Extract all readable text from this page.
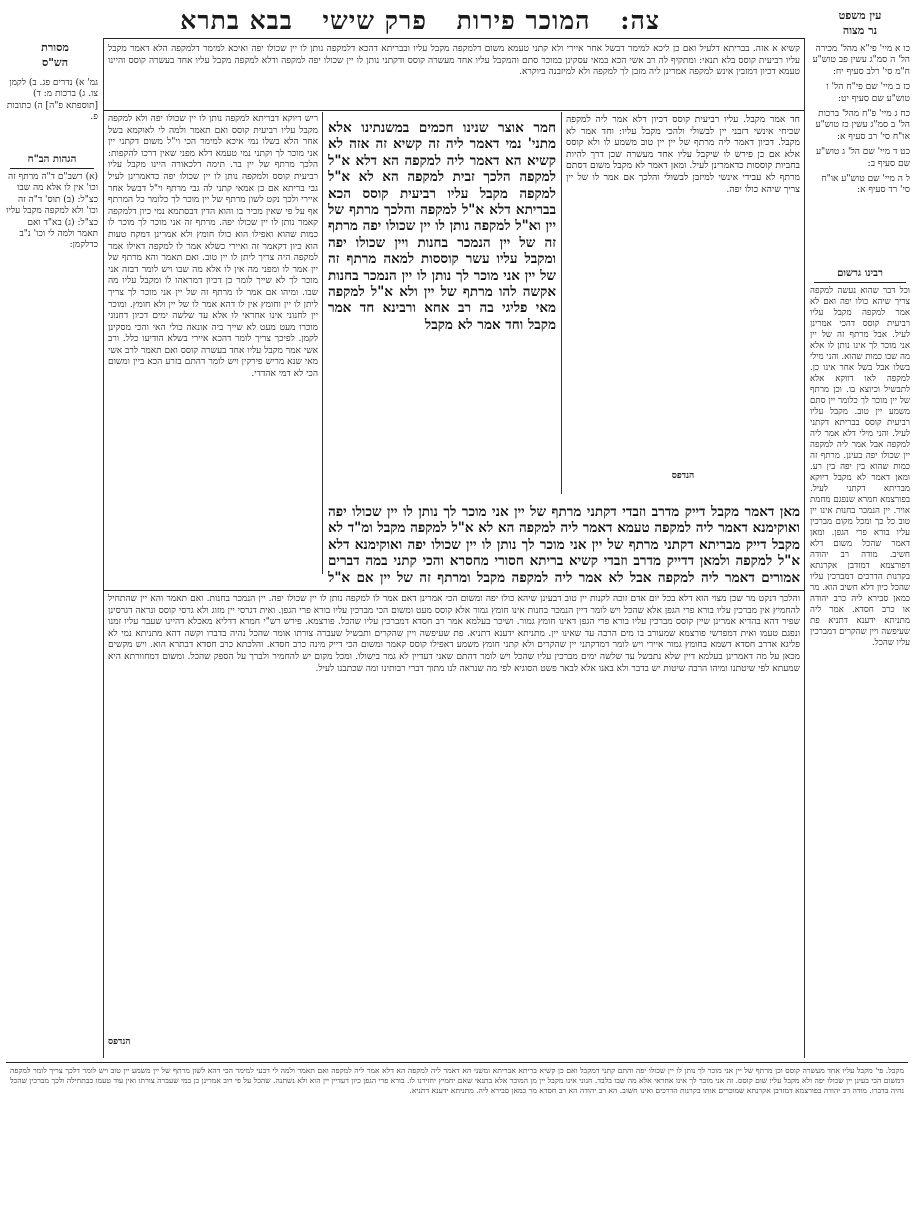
עין משפט
נר מצוה
צה: המוכר פירות פרק שישי בבא בתרא
מסורת
הש"ס
קשיא א אזה. בבריתא דלעיל ואם כן ליכא למימר דבשל אחר איירי ולא קתני טעמא משום דלמקפה מקבל עליו ובבריתא דהכא דלמקפה נותן לו יין שכולו יפה ואיכא למימר דלמקפה הלא דאמר מקבל עליו רביעית קוסס בלא תנאי: ומתקיף לה רב אשי הכא במאי עסקינן במוכר סתם והמקבל עליו אחד מעשרה קוסס ודקתני נותן לו יין שכולו יפה למקפה ודלא למקפה מקבל עליו אחד בעשרה קוסס והיינו טעמא דכיון דמזבין אינש למקפה אמרינן ליה מזבן לך למקפה ולא למיזבנה ביוקרא.
ריש דיוקא דבריתא למקפה נותן לו יין שכולו יפה ולא למקפה מקבל עליו רביעית קוסס ואם תאמר ולמה לי לאוקמא בשל אחר הלא בשלו נמי איכא למימר הכי וי"ל משום דקתני יין אני מוכר לך וקתני נמי טעמא דלא מפני שאין דרכו להקפות: הלכך מרתף של יין בר. תימה דלכאורה היינו מקבל עליו רביעית קוסס ולמקפה נותן לו יין שכולו יפה כדאמרינן לעיל גבי בריתא אם כן אמאי קתני לה גבי מרתף וי"ל דבשל אחר איירי ולכך נקט לשון מרתף של יין מוכר לך כלומר כל המרתף אף על פי שאין מכיר בו והוא הדין דבסתמא נמי כיון דלמקפה קאמר נותן לו יין שכולו יפה. מרתף זה אני מוכר לך מוכר לו כמות שהוא ואפילו הוא כולו חומץ ולא אמרינן דמקח טעות הוא כיון דקאמר זה ואיירי כשלא אמר לו למקפה דאילו אמר למקפה היה צריך ליתן לו יין טוב. ואם תאמר והא מרתף של יין אמר לו ומפני מה אין לו אלא מה שבו ויש לומר דבזה אני מוכר לך לא שייך לומר כן דכיון דמראהו לו ומקבל עליו מה שבו. ומיהו אם אמר לו מרתף זה של יין אני מוכר לך צריך ליתן לו יין וחומץ אין לו דהא אמר לו של יין ולא חומץ. ומוכר יין לחנוני אינו אחראי לו אלא עד שלשה ימים דכיון דחנוני מוכרו מעט מעט לא שייך ביה אונאה כולי האי והכי מסקינן לקמן. לפיכך צריך לומר דהכא איירי בשלא הודיעו כלל. ורב אשי אמר מקבל עליו אחד בעשרה קוסס ואם תאמר לרב אשי מאי שנא מריש פירקין ויש לומר דהתם בזרע הכא ביין ומשום הכי לא דמי אהדדי.
חמר אוצר שנינו חכמים במשנתינו אלא מתני' נמי דאמר ליה זה קשיא זה אזה לא קשיא הא דאמר ליה למקפה הא דלא א"ל למקפה הלכך זבית למקפה הא לא א"ל למקפה מקבל עליו רביעית קוסס הכא בבריתא דלא א"ל למקפה והלכך מרתף של יין וא"ל למקפה נותן לו יין שכולו יפה מרתף זה של יין הנמכר בחנות ויין שכולו יפה ומקבל עליו עשר קוססות למאה מרתף זה של יין אני מוכר לך נותן לו יין הנמכר בחנות אקשה להו מרתף של יין ולא א"ל למקפה מאי פליגי בה רב אחא ורבינא חד אמר מקבל וחד אמר לא מקבל
חד אמר מקבל. עליו רביעית קוסס דכיון דלא אמר ליה למקפה שכיחי אינשי דזבני יין לבשולי ולהכי מקבל עליו: וחד אמר לא מקבל. דכיון דאמר ליה מרתף של יין יין טוב משמע לו ולא קוסס אלא אם כן פירש לו שיקבל עליו אחד מעשרה שכן דרך להיות בחביות קוססות כדאמרינן לעיל. ומאן דאמר לא מקבל משום דסתם מרתף לא עבידי אינשי למיזבן לבשולי והלכך אם אמר לו של יין צריך שיהא כולו יפה.
הנדפס
מאן דאמר מקבל דייק מדרב וזבדי דקתני מרתף של יין אני מוכר לך נותן לו יין שכולו יפה ואוקימנא דאמר ליה למקפה טעמא דאמר ליה למקפה הא לא א"ל למקפה מקבל ומ"ד לא מקבל דייק מבריתא דקתני מרתף של יין אני מוכר לך נותן לו יין שכולו יפה ואוקימנא דלא א"ל למקפה ולמאן דדייק מדרב וזבדי קשיא בריתא חסורי מחסרא והכי קתני במה דברים אמורים דאמר ליה למקפה אבל לא אמר ליה למקפה מקבל ומרתף זה של יין אם א"ל
והלכך דנקט מר שכן מצוי הוא דלא בכל יום אדם זוכה לקנות יין טוב דבעינן שיהא כולו יפה ומשום הכי אמרינן דאם אמר לו למקפה נותן לו יין שכולו יפה. יין הנמכר בחנות. ואם תאמר והא יין שהתחיל להחמיץ אין מברכין עליו בורא פרי הגפן אלא שהכל ויש לומר דיין הנמכר בחנות אינו חומץ גמור אלא קוסס מעט ומשום הכי מברכין עליו בורא פרי הגפן. ואית דגרסי יין מזוג ולא גרסי קוסס ונראה דגרסינן שפיר דהא בהדיא אמרינן שיין קוסס מברכין עליו בורא פרי הגפן דאינו חומץ גמור. ושיכר בעלמא אמר רב חסדא דמברכין עליו שהכל. פורצמא. פירש רש"י חמרא דדליא מאכלא דהיינו שעבר עליו זמנו ונפגם טעמו ואית דמפרשי פורצמא שמעורב בו מים הרבה עד שאינו יין. מתניתא ידענא דתניא. פת שעיפשה ויין שהקרים ותבשיל שעברה צורתו אומר שהכל נהיה בדברו וקשה דהא מתניתא נמי לא פליגא אדרב חסדא דשמא בחומץ גמור איירי ויש לומר דמדקתני יין שהקרים ולא קתני חומץ משמע דאפילו קוסס קאמר ומשום הכי דייק מינה כרב חסדא. והלכתא כרב חסדא דבתרא הוא. ויש מקשים מכאן על מה דאמרינן בעלמא דיין שלא נתבשל עד שלשה ימים מברכין עליו שהכל ויש לומר דהתם שאני דעדיין לא גמר בישולו. ומכל מקום יש להחמיר ולברך על הספק שהכל. ומשום דמחוורתא היא שמעתא לפי שיטתנו ומיהו הרבה שיטות יש בדבר ולא באנו אלא לבאר פשט הסוגיא לפי מה שנראה לנו מתוך דברי רבותינו ומה שכתבנו לעיל.
הנדפס
כו א מיי' פי"א מהל' מכירה הל' ה סמ"ג עשין פב טוש"ע ח"מ סי' רלב סעיף יח:
כז ב מיי' שם פי"ח הל' ו טוש"ע שם סעיף יט:
כח ג מיי' פ"ח מהל' ברכות הל' ב סמ"ג עשין כז טוש"ע או"ח סי' רב סעיף א:
כט ד מיי' שם הל' ג טוש"ע שם סעיף ב:
ל ה מיי' שם טוש"ע או"ח סי' רד סעיף א:
רבינו גרשום
וכל דבר שהוא נעשה למקפה צריך שיהא כולו יפה ואם לא אמר למקפה מקבל עליו רביעית קוסס דהכי אמרינן לעיל. אבל מרתף זה של יין אני מוכר לך אינו נותן לו אלא מה שבו כמות שהוא. והני מילי בשלו אבל בשל אחר אינו כן. למקפה לאו דווקא אלא לתבשיל וכיוצא בו. וכן מרתף של יין מוכר לך כלומר יין סתם משמע יין טוב. מקבל עליו רביעית קוסס בבריתא דקתני לעיל. והני מילי דלא אמר ליה למקפה אבל אמר ליה למקפה יין שכולו יפה בעינן. מרתף זה כמות שהוא בין יפה בין רע. ומאן דאמר לא מקבל דיוקא מבריתא דקתני לעיל. בפורצמא חמרא שנפגם מחמת אויר. יין הנמכר בחנות אינו יין טוב כל כך ומכל מקום מברכין עליו בורא פרי הגפן. ומאן דאמר שהכל משום דלא חשיב. מודה רב יהודה דפורצמא דמזדבן אקרנתא בקרנות הדרכים דמברכין עליו שהכל כיון דלא חשיב הוא. מר כמאן סבירא ליה כרב יהודה או כרב חסדא. אמר ליה מתניתא ידענא דתניא פת שעיפשה ויין שהקרים דמברכין עליו שהכל.
גמ' א) נדרים פג. ב) לקמן צו. ג) ברכות מ: ד) [תוספתא פ"ה] ה) כתובות פ.
הגהות הב"ח
(א) רשב"ם ד"ה מרתף זה וכו' אין לו אלא מה שבו כצ"ל: (ב) תוס' ד"ה זה וכו' ולא למקפה מקבל עליו כצ"ל: (ג) בא"ד ואם תאמר ולמה לי וכו' נ"ב כדלקמן:
מקבל. פי' מקבל עליו אחד מעשרה קוסס וכן מרתף של יין אני מוכר לך נותן לו יין שכולו יפה והתם קתני דמקבל ואם כן קשיא בריתא אבריתא ומשני הא דאמר ליה למקפה הא דלא אמר ליה למקפה ואם תאמר ולמה לי דבעי למימר הכי דהא לשון מרתף של יין משמע יין טוב ויש לומר דלכך צריך לומר למקפה דמשום הכי בעינן יין שכולו יפה ולא מקבל עליו שום קוסס. זה אני מוכר לך אינו אחראי אלא מה שבו בלבד. חנוני אינו מקבל יין מן המוכר אלא בתנאי שאם יחמיץ יחזירנו לו. בורא פרי הגפן כיון דעדיין יין הוא ולא נשתנה. שהכל על פי רוב אמרינן כן במי שעברה צורתו ואין עוד טעמו כבתחילה ולכך מברכין שהכל נהיה בדברו. מודה רב יהודה בפורצמא דמזדבן אקרנתא שמוכרים אותו בקרנות הדרכים ואינו חשוב. הא רב יהודה הא רב חסדא מר כמאן סבירא ליה. מתניתא ידענא דתניא.
